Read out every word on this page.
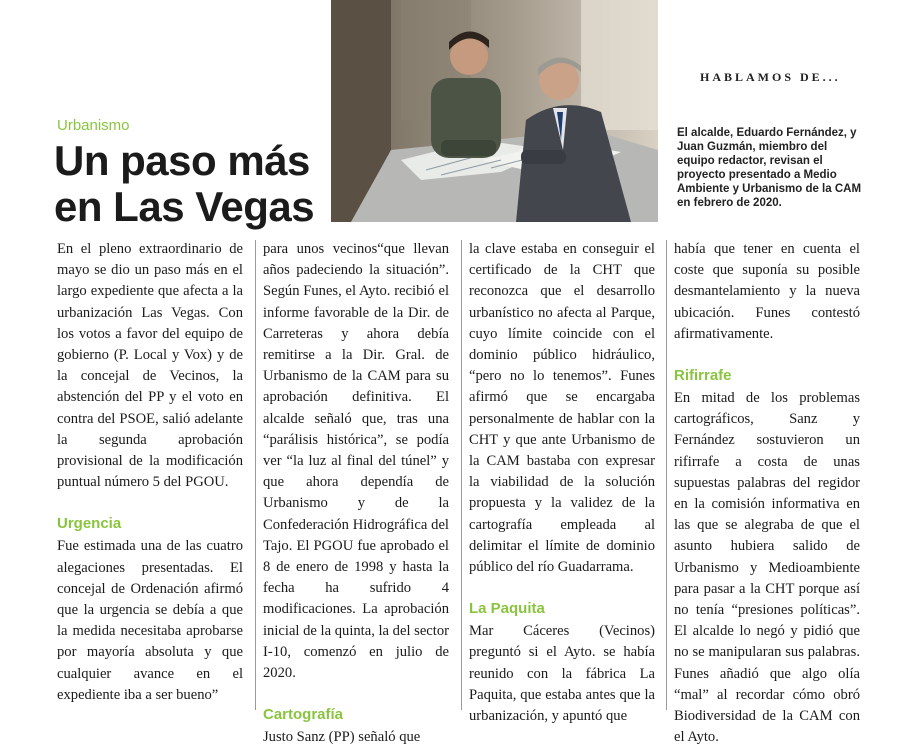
HABLAMOS DE...
El alcalde, Eduardo Fernández, y Juan Guzmán, miembro del equipo redactor, revisan el proyecto presentado a Medio Ambiente y Urbanismo de la CAM en febrero de 2020.
Urbanismo
Un paso más
en Las Vegas

En el pleno extraordinario de mayo se dio un paso más en el largo expediente que afecta a la urbanización Las Vegas. Con los votos a favor del equipo de gobierno (P. Local y Vox) y de la concejal de Vecinos, la abstención del PP y el voto en contra del PSOE, salió adelante la segunda aprobación provisional de la modificación puntual número 5 del PGOU.

Urgencia

Fue estimada una de las cuatro alegaciones presentadas. El concejal de Ordenación afirmó que la urgencia se debía a que la medida necesitaba aprobarse por mayoría absoluta y que cualquier avance en el expediente iba a ser bueno”

para unos vecinos“que llevan años padeciendo la situación”. Según Funes, el Ayto. recibió el informe favorable de la Dir. de Carreteras y ahora debía remitirse a la Dir. Gral. de Urbanismo de la CAM para su aprobación definitiva. El alcalde señaló que, tras una “parálisis histórica”, se podía ver “la luz al final del túnel” y que ahora dependía de Urbanismo y de la Confederación Hidrográfica del Tajo. El PGOU fue aprobado el 8 de enero de 1998 y hasta la fecha ha sufrido 4 modificaciones. La aprobación inicial de la quinta, la del sector I-10, comenzó en julio de 2020.

Cartografía

Justo Sanz (PP) señaló que

la clave estaba en conseguir el certificado de la CHT que reconozca que el desarrollo urbanístico no afecta al Parque, cuyo límite coincide con el dominio público hidráulico, “pero no lo tenemos”. Funes afirmó que se encargaba personalmente de hablar con la CHT y que ante Urbanismo de la CAM bastaba con expresar la viabilidad de la solución propuesta y la validez de la cartografía empleada al delimitar el límite de dominio público del río Guadarrama.

La Paquita

Mar Cáceres (Vecinos) preguntó si el Ayto. se había reunido con la fábrica La Paquita, que estaba antes que la urbanización, y apuntó que

había que tener en cuenta el coste que suponía su posible desmantelamiento y la nueva ubicación. Funes contestó afirmativamente.

Rifirrafe

En mitad de los problemas cartográficos, Sanz y Fernández sostuvieron un rifirrafe a costa de unas supuestas palabras del regidor en la comisión informativa en las que se alegraba de que el asunto hubiera salido de Urbanismo y Medioambiente para pasar a la CHT porque así no tenía “presiones políticas”. El alcalde lo negó y pidió que no se manipularan sus palabras. Funes añadió que algo olía “mal” al recordar cómo obró Biodiversidad de la CAM con el Ayto.
